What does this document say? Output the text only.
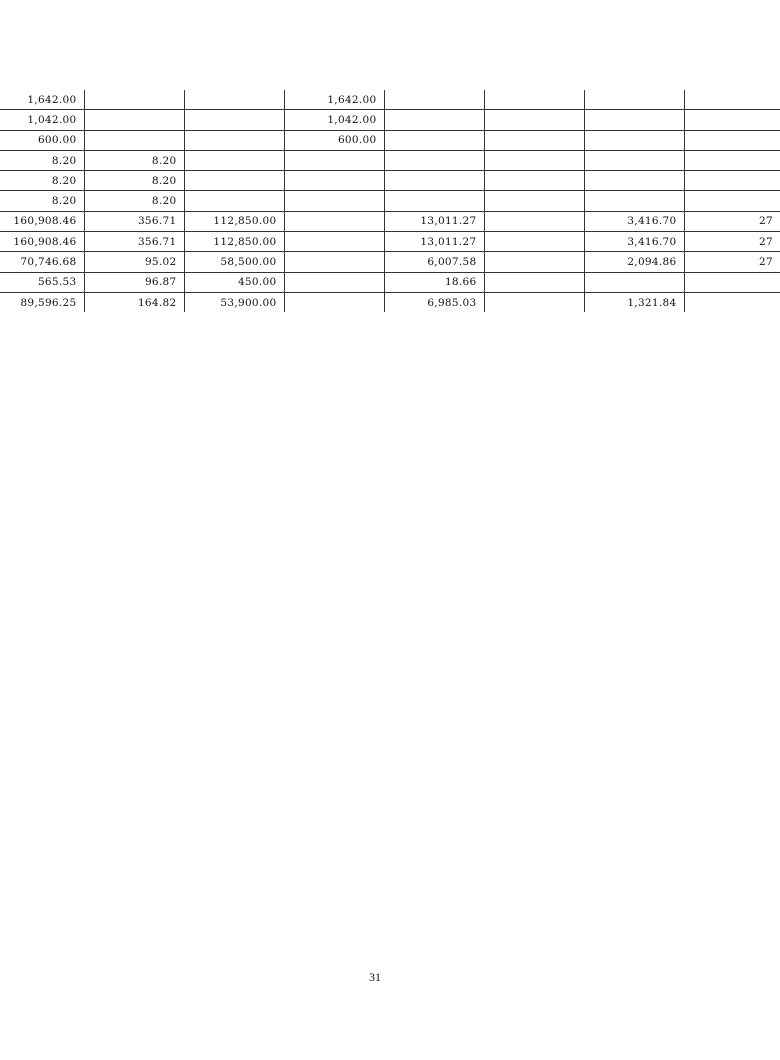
1,642.00			1,642.00				
1,042.00			1,042.00				
600.00			600.00				
8.20	8.20						
8.20	8.20						
8.20	8.20						
160,908.46	356.71	112,850.00		13,011.27		3,416.70	27
160,908.46	356.71	112,850.00		13,011.27		3,416.70	27
70,746.68	95.02	58,500.00		6,007.58		2,094.86	27
565.53	96.87	450.00		18.66			
89,596.25	164.82	53,900.00		6,985.03		1,321.84	
31
